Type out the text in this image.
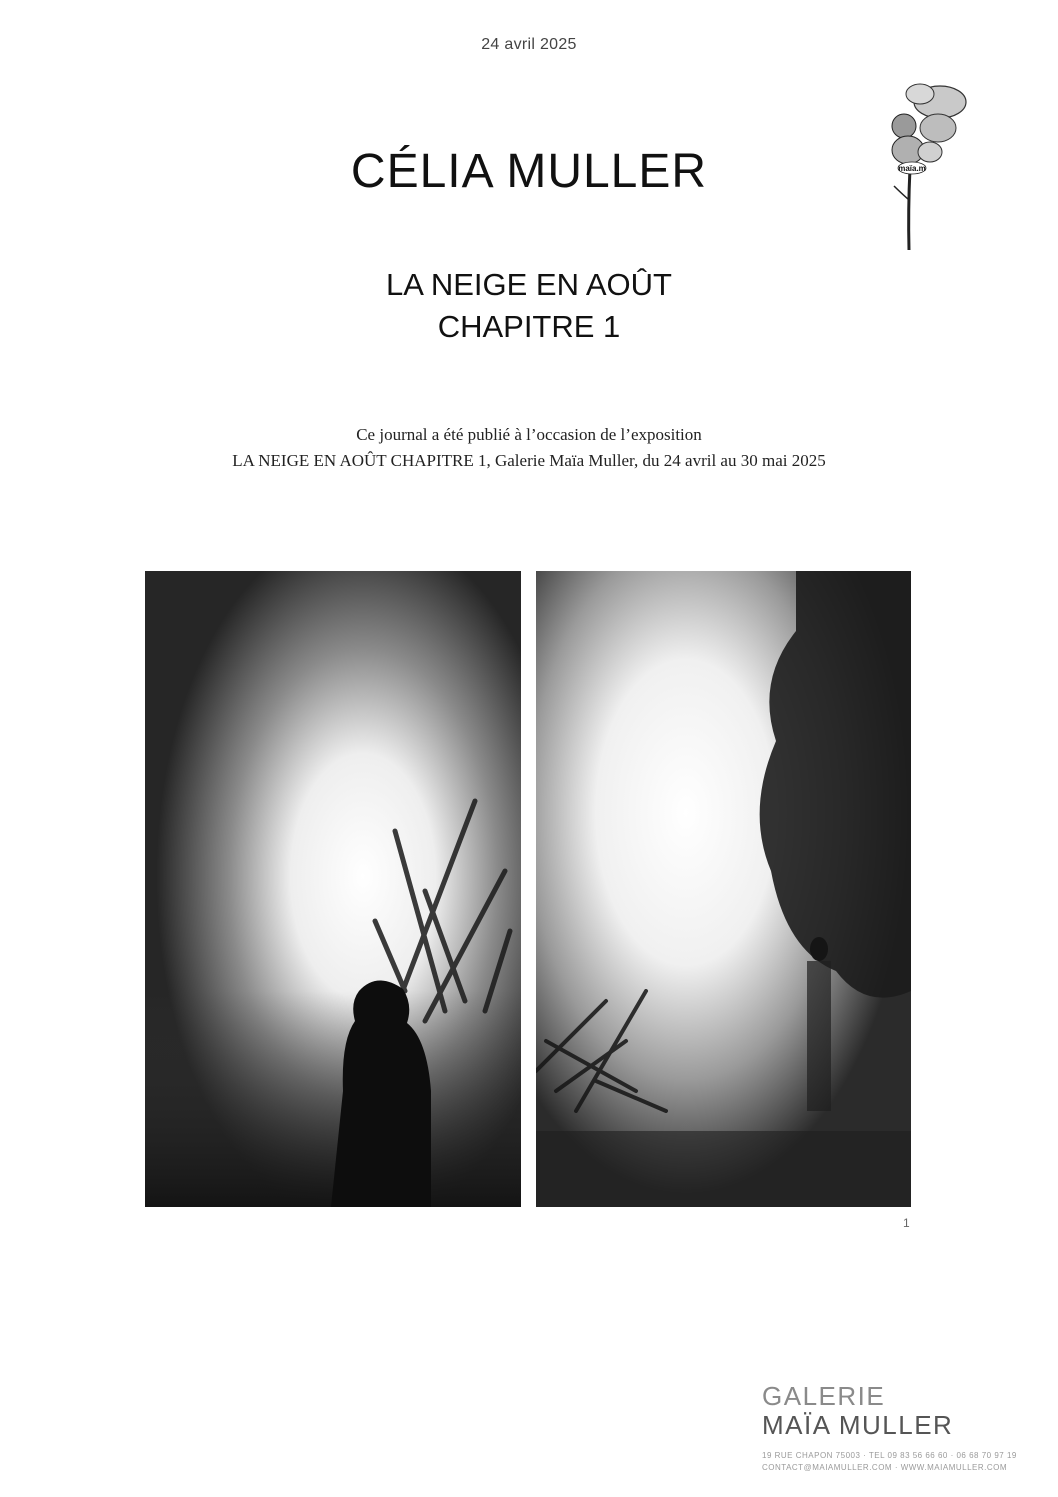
24 avril 2025
CÉLIA MULLER
LA NEIGE EN AOÛT
CHAPITRE 1
Ce journal a été publié à l’occasion de l’exposition
LA NEIGE EN AOÛT CHAPITRE 1, Galerie Maïa Muller, du 24 avril au 30 mai 2025
maïa.m
1
GALERIE
MAÏA MULLER
19 RUE CHAPON 75003 · TEL 09 83 56 66 60 · 06 68 70 97 19
CONTACT@MAIAMULLER.COM · WWW.MAIAMULLER.COM
